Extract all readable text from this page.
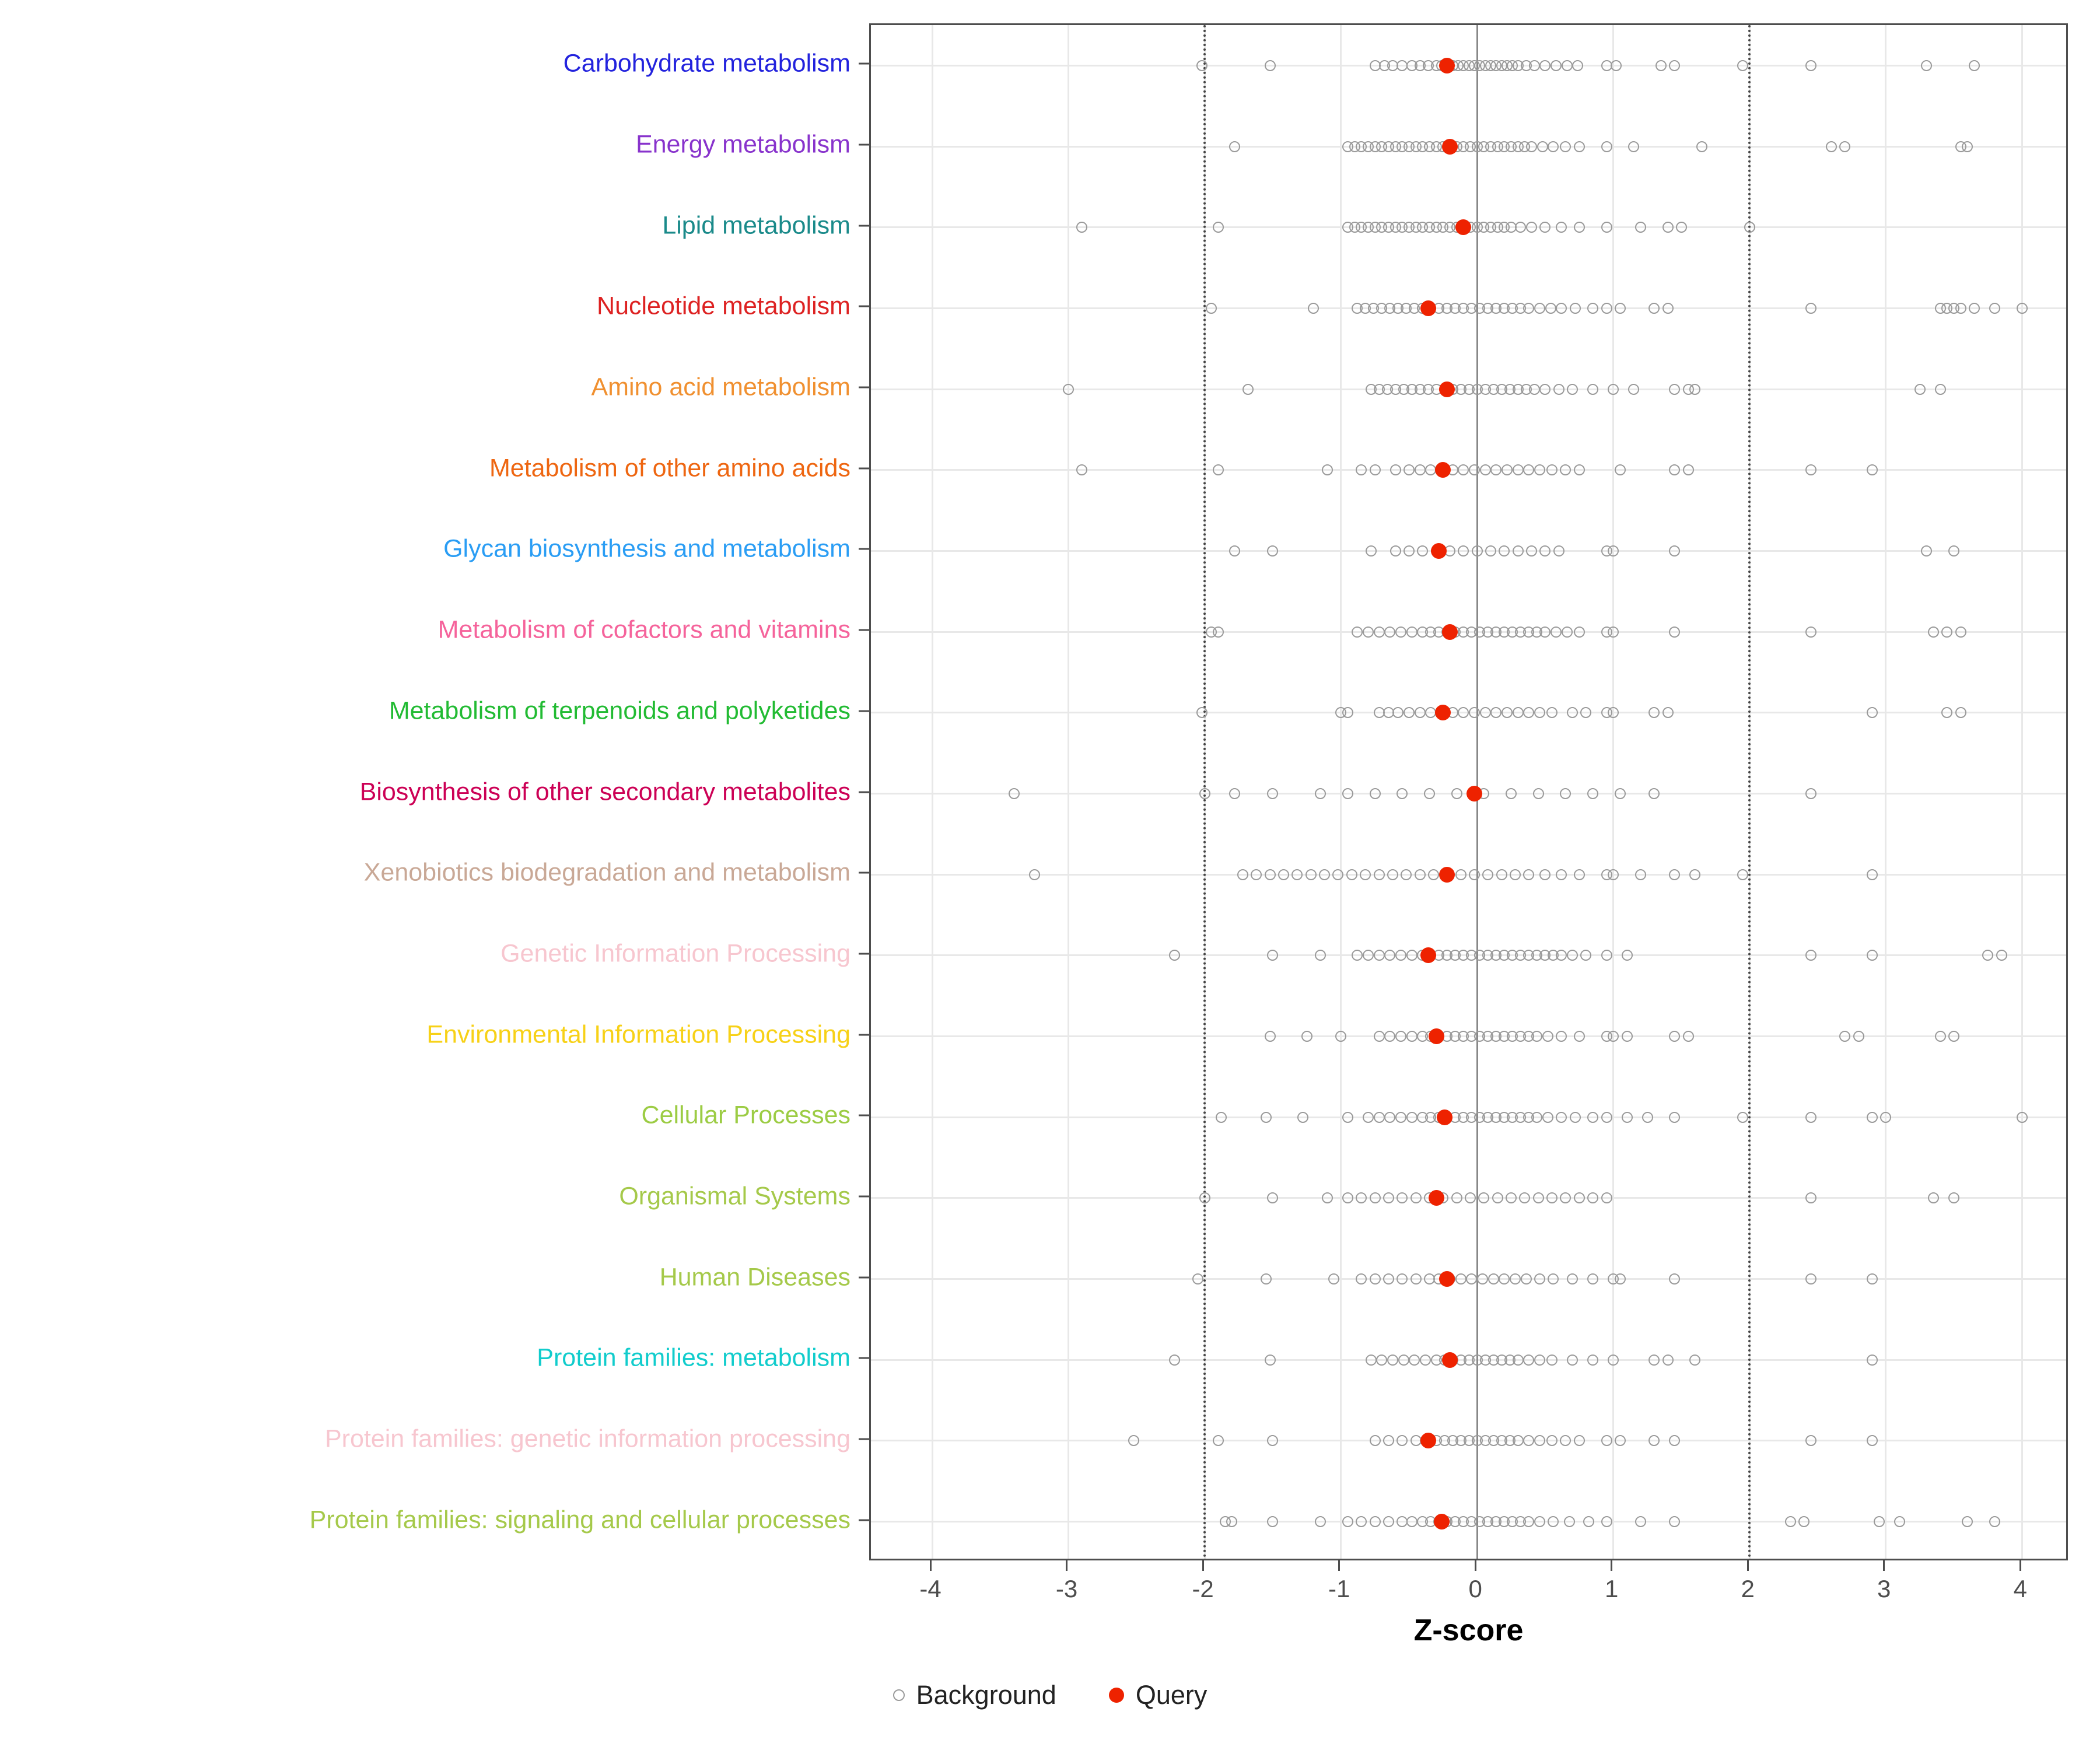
Carbohydrate metabolism
Energy metabolism
Lipid metabolism
Nucleotide metabolism
Amino acid metabolism
Metabolism of other amino acids
Glycan biosynthesis and metabolism
Metabolism of cofactors and vitamins
Metabolism of terpenoids and polyketides
Biosynthesis of other secondary metabolites
Xenobiotics biodegradation and metabolism
Genetic Information Processing
Environmental Information Processing
Cellular Processes
Organismal Systems
Human Diseases
Protein families: metabolism
Protein families: genetic information processing
Protein families: signaling and cellular processes
-4	-3	-2	-1	0	1	2	3	4
Z-score
Background	Query
